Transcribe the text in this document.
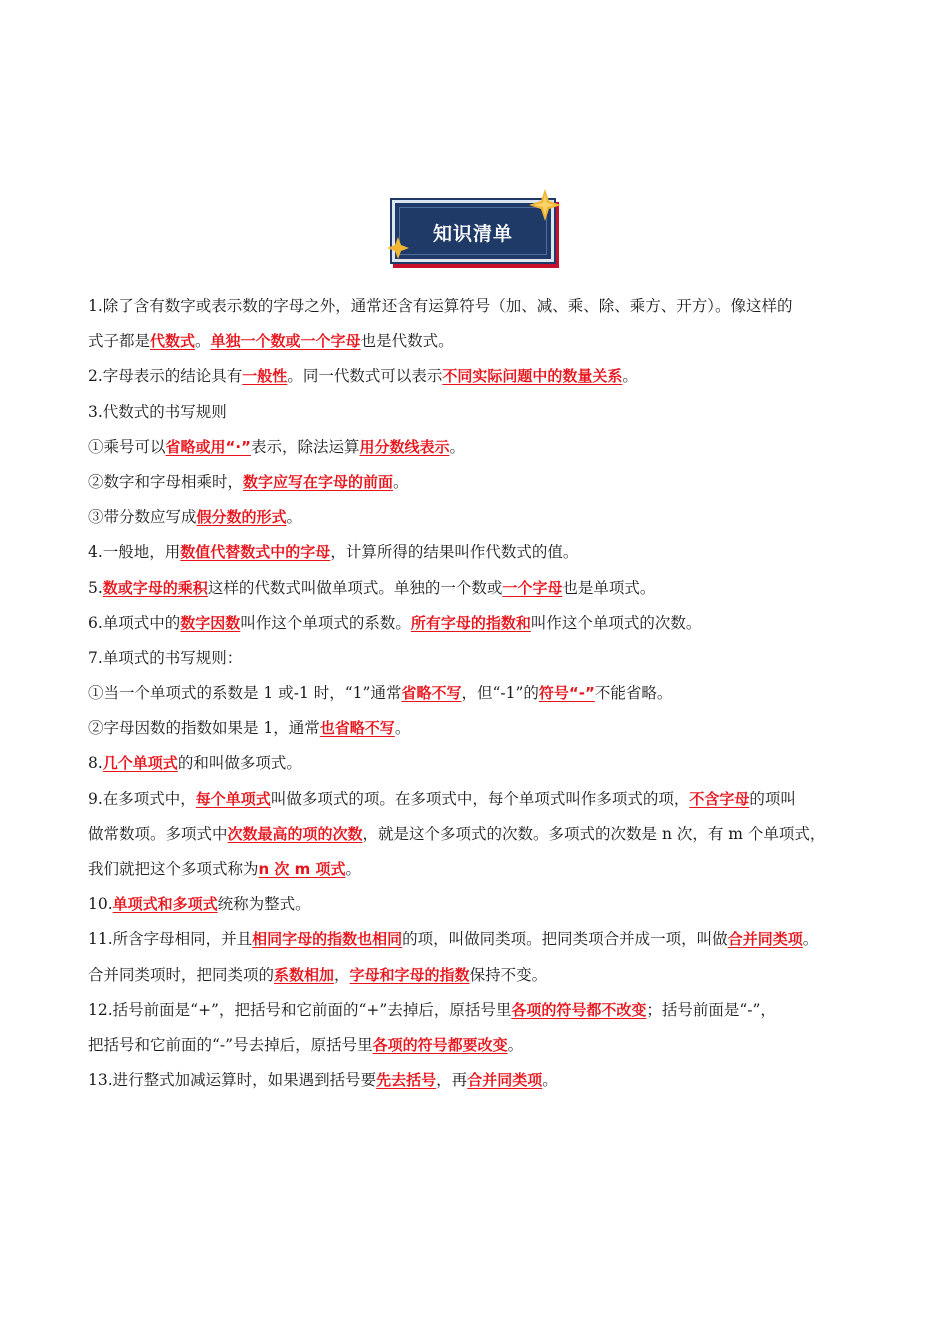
知识清单
1.除了含有数字或表示数的字母之外，通常还含有运算符号（加、减、乘、除、乘方、开方）。像这样的
式子都是代数式。单独一个数或一个字母也是代数式。
2.字母表示的结论具有一般性。同一代数式可以表示不同实际问题中的数量关系。
3.代数式的书写规则
①乘号可以省略或用“·”表示，除法运算用分数线表示。
②数字和字母相乘时，数字应写在字母的前面。
③带分数应写成假分数的形式。
4.一般地，用数值代替数式中的字母，计算所得的结果叫作代数式的值。
5.数或字母的乘积这样的代数式叫做单项式。单独的一个数或一个字母也是单项式。
6.单项式中的数字因数叫作这个单项式的系数。所有字母的指数和叫作这个单项式的次数。
7.单项式的书写规则：
①当一个单项式的系数是 1 或-1 时，“1”通常省略不写，但“-1”的符号“-”不能省略。
②字母因数的指数如果是 1，通常也省略不写。
8.几个单项式的和叫做多项式。
9.在多项式中，每个单项式叫做多项式的项。在多项式中，每个单项式叫作多项式的项，不含字母的项叫
做常数项。多项式中次数最高的项的次数，就是这个多项式的次数。多项式的次数是 n 次，有 m 个单项式，
我们就把这个多项式称为n 次 m 项式。
10.单项式和多项式统称为整式。
11.所含字母相同，并且相同字母的指数也相同的项，叫做同类项。把同类项合并成一项，叫做合并同类项。
合并同类项时，把同类项的系数相加，字母和字母的指数保持不变。
12.括号前面是“+”，把括号和它前面的“+”去掉后，原括号里各项的符号都不改变；括号前面是“-”，
把括号和它前面的“-”号去掉后，原括号里各项的符号都要改变。
13.进行整式加减运算时，如果遇到括号要先去括号，再合并同类项。
